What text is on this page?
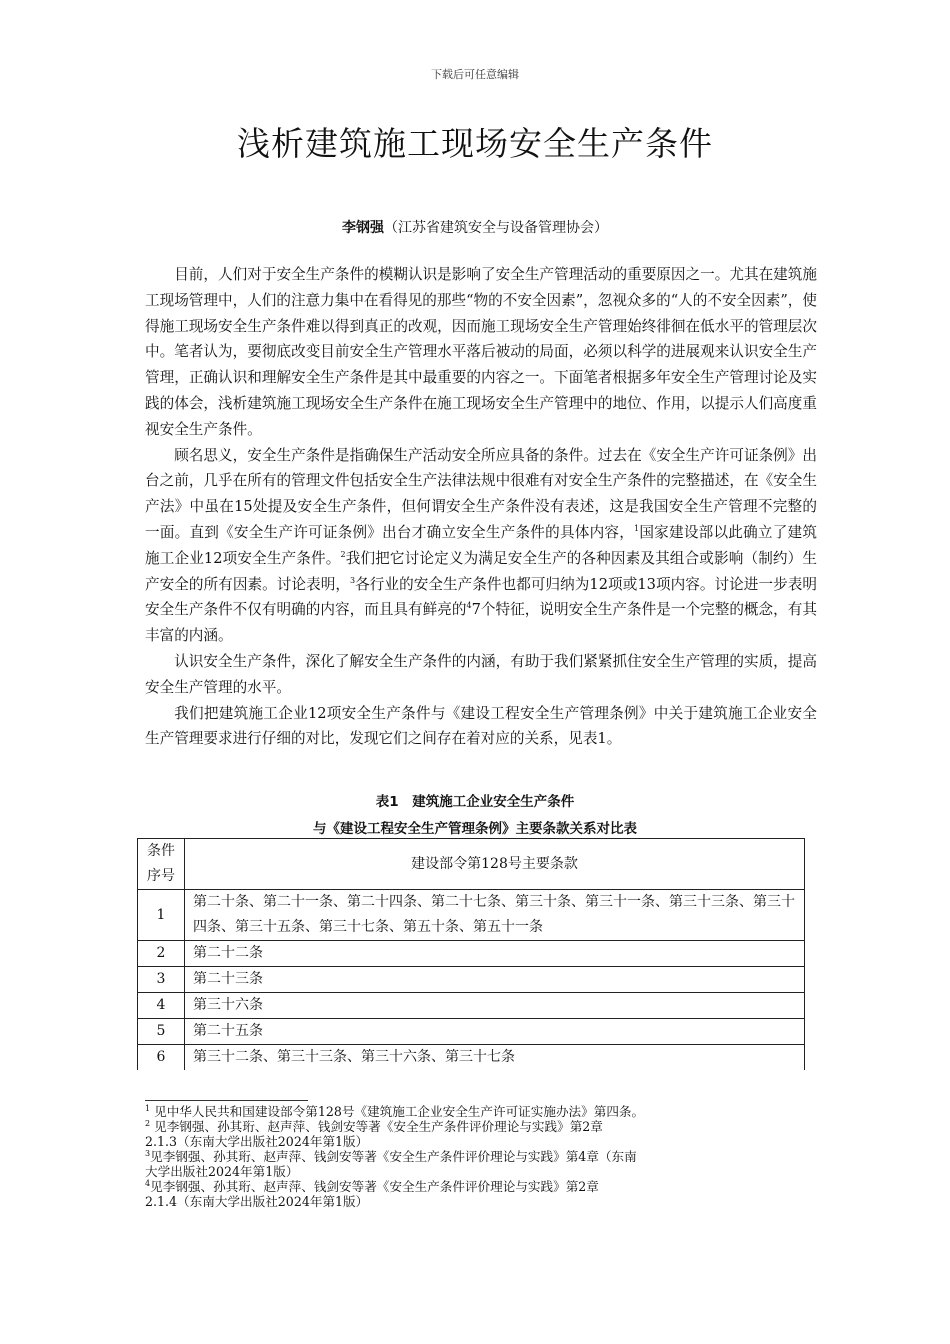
下载后可任意编辑
浅析建筑施工现场安全生产条件
李钢强（江苏省建筑安全与设备管理协会）

目前，人们对于安全生产条件的模糊认识是影响了安全生产管理活动的重要原因之一。尤其在建筑施工现场管理中，人们的注意力集中在看得见的那些“物的不安全因素”，忽视众多的“人的不安全因素”，使得施工现场安全生产条件难以得到真正的改观，因而施工现场安全生产管理始终徘徊在低水平的管理层次中。笔者认为，要彻底改变目前安全生产管理水平落后被动的局面，必须以科学的进展观来认识安全生产管理，正确认识和理解安全生产条件是其中最重要的内容之一。下面笔者根据多年安全生产管理讨论及实践的体会，浅析建筑施工现场安全生产条件在施工现场安全生产管理中的地位、作用，以提示人们高度重视安全生产条件。

顾名思义，安全生产条件是指确保生产活动安全所应具备的条件。过去在《安全生产许可证条例》出台之前，几乎在所有的管理文件包括安全生产法律法规中很难有对安全生产条件的完整描述，在《安全生产法》中虽在15处提及安全生产条件，但何谓安全生产条件没有表述，这是我国安全生产管理不完整的一面。直到《安全生产许可证条例》出台才确立安全生产条件的具体内容，$^1$国家建设部以此确立了建筑施工企业12项安全生产条件。$^2$我们把它讨论定义为满足安全生产的各种因素及其组合或影响（制约）生产安全的所有因素。讨论表明，$^3$各行业的安全生产条件也都可归纳为12项或13项内容。讨论进一步表明安全生产条件不仅有明确的内容，而且具有鲜亮的$^4$7个特征，说明安全生产条件是一个完整的概念，有其丰富的内涵。

认识安全生产条件，深化了解安全生产条件的内涵，有助于我们紧紧抓住安全生产管理的实质，提高安全生产管理的水平。

我们把建筑施工企业12项安全生产条件与《建设工程安全生产管理条例》中关于建筑施工企业安全生产管理要求进行仔细的对比，发现它们之间存在着对应的关系，见表1。

表1　建筑施工企业安全生产条件
与《建设工程安全生产管理条例》主要条款关系对比表
条件
序号	建设部令第128号主要条款
1	第二十条、第二十一条、第二十四条、第二十七条、第三十条、第三十一条、第三十三条、第三十四条、第三十五条、第三十七条、第五十条、第五十一条
2	第二十二条
3	第二十三条
4	第三十六条
5	第二十五条
6	第三十二条、第三十三条、第三十六条、第三十七条
$^1$ 见中华人民共和国建设部令第128号《建筑施工企业安全生产许可证实施办法》第四条。
$^2$ 见李钢强、孙其珩、赵声萍、钱剑安等著《安全生产条件评价理论与实践》第2章
2.1.3（东南大学出版社2024年第1版）
$^3$见李钢强、孙其珩、赵声萍、钱剑安等著《安全生产条件评价理论与实践》第4章（东南
大学出版社2024年第1版）
$^4$见李钢强、孙其珩、赵声萍、钱剑安等著《安全生产条件评价理论与实践》第2章
2.1.4（东南大学出版社2024年第1版）
